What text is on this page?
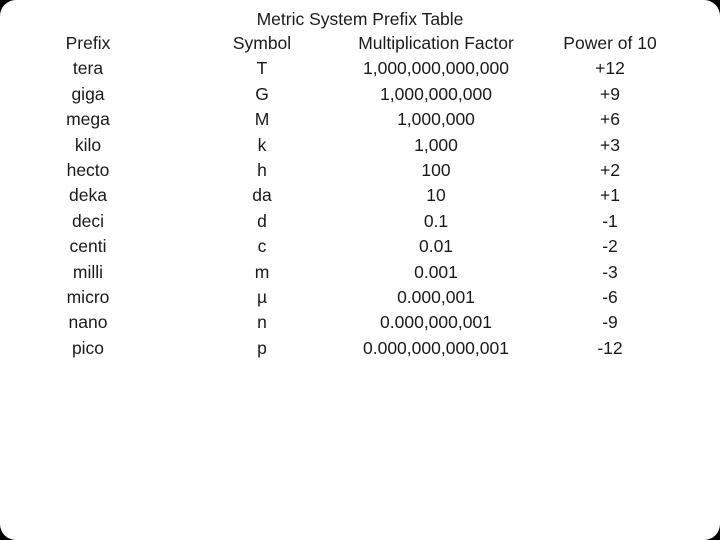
Metric System Prefix Table
Prefix	Symbol	Multiplication Factor	Power of 10
tera	T	1,000,000,000,000	+12
giga	G	1,000,000,000	+9
mega	M	1,000,000	+6
kilo	k	1,000	+3
hecto	h	100	+2
deka	da	10	+1
deci	d	0.1	-1
centi	c	0.01	-2
milli	m	0.001	-3
micro	µ	0.000,001	-6
nano	n	0.000,000,001	-9
pico	p	0.000,000,000,001	-12
